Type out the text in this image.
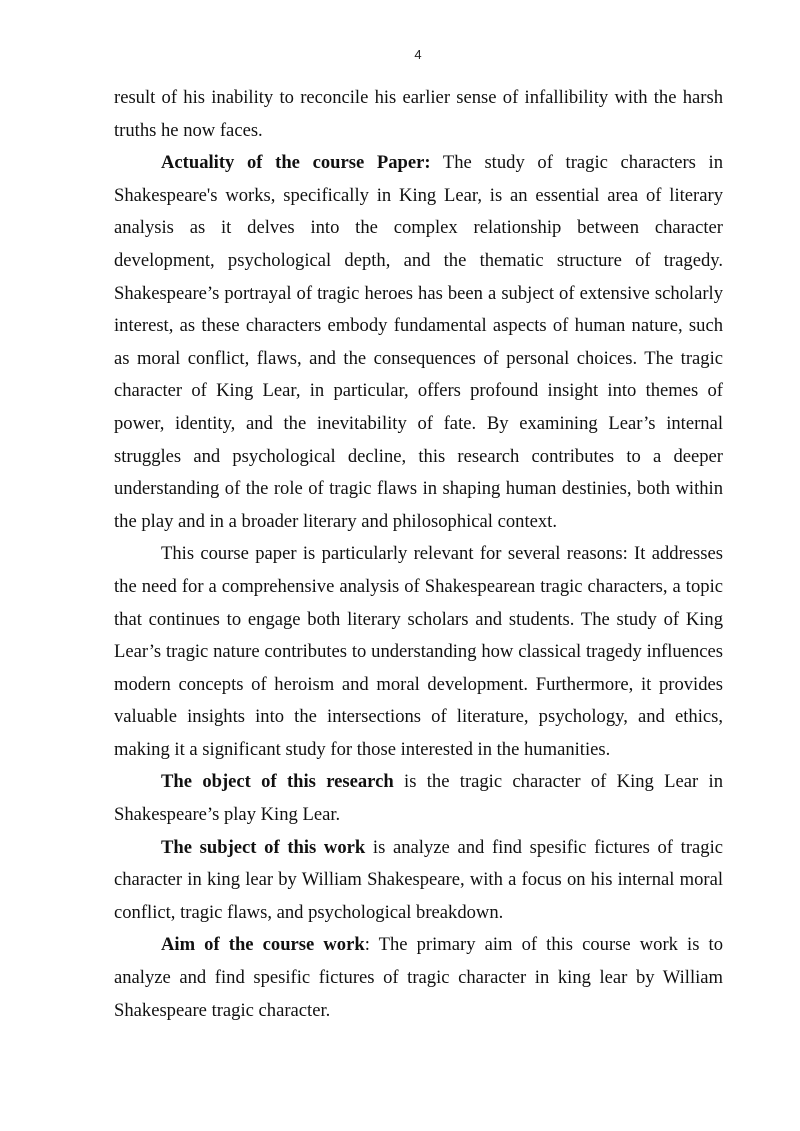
4

result of his inability to reconcile his earlier sense of infallibility with the harsh truths he now faces.

Actuality of the course Paper: The study of tragic characters in Shakespeare's works, specifically in King Lear, is an essential area of literary analysis as it delves into the complex relationship between character development, psychological depth, and the thematic structure of tragedy. Shakespeare’s portrayal of tragic heroes has been a subject of extensive scholarly interest, as these characters embody fundamental aspects of human nature, such as moral conflict, flaws, and the consequences of personal choices. The tragic character of King Lear, in particular, offers profound insight into themes of power, identity, and the inevitability of fate. By examining Lear’s internal struggles and psychological decline, this research contributes to a deeper understanding of the role of tragic flaws in shaping human destinies, both within the play and in a broader literary and philosophical context.

This course paper is particularly relevant for several reasons: It addresses the need for a comprehensive analysis of Shakespearean tragic characters, a topic that continues to engage both literary scholars and students. The study of King Lear’s tragic nature contributes to understanding how classical tragedy influences modern concepts of heroism and moral development. Furthermore, it provides valuable insights into the intersections of literature, psychology, and ethics, making it a significant study for those interested in the humanities.

The object of this research is the tragic character of King Lear in Shakespeare’s play King Lear.

The subject of this work is analyze and find spesific fictures of tragic character in king lear by William Shakespeare, with a focus on his internal moral conflict, tragic flaws, and psychological breakdown.

Aim of the course work: The primary aim of this course work is to analyze and find spesific fictures of tragic character in king lear by William Shakespeare tragic character.
